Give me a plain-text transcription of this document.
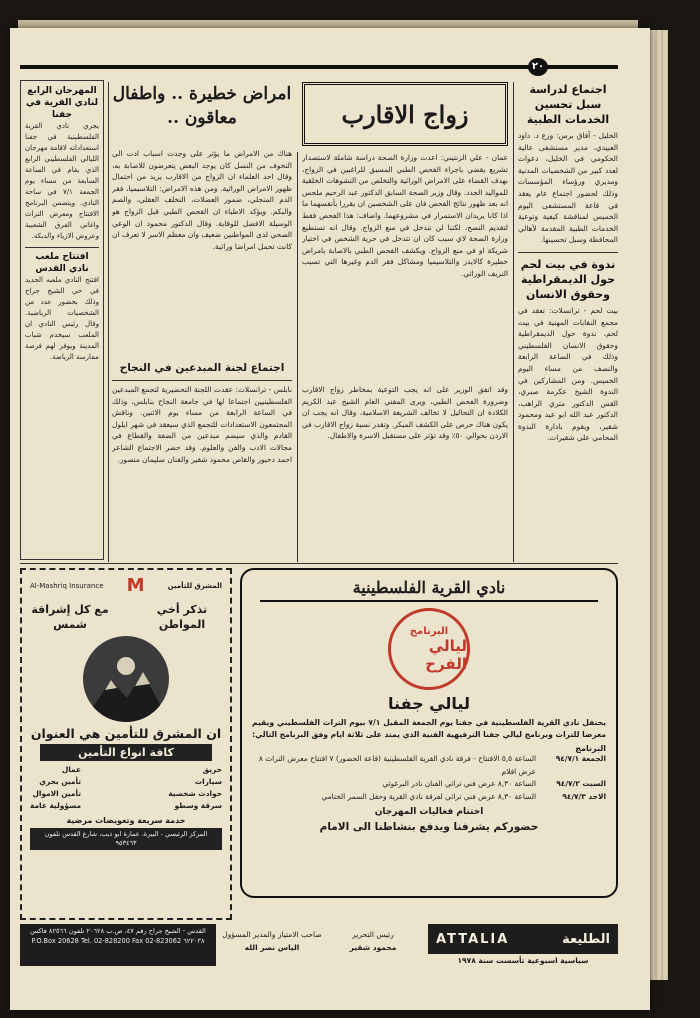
٢٠
اجتماع لدراسة سبل تحسين الخدمات الطبية
الخليل - آفاق برس: وزع د. داود العبيدي، مدير مستشفى عالية الحكومي في الخليل، دعوات لعدد كبير من الشخصيات المدنية ومديري ورؤساء المؤسسات وذلك لحضور اجتماع عام يعقد في قاعة المستشفى اليوم الخميس لمناقشة كيفية وتوعية الخدمات الطبية المقدمة لأهالي المحافظة وسبل تحسينها.
ندوة في بيت لحم حول الديمقراطية وحقوق الانسان
بيت لحم - ترانسلات: تعقد في مجمع النقابات المهنية في بيت لحم، ندوة حول الديمقراطية وحقوق الانسان الفلسطيني وذلك في الساعة الرابعة والنصف من مساء اليوم الخميس. ومن المشاركين في الندوة الشيخ عكرمة صبري، القس الدكتور متري الراهب، الدكتور عبد الله ابو عيد ومحمود شقير، ويقوم بادارة الندوة المحامي علي شقيرات.
زواج الاقارب
عمان - علي الزنتيني: اعدت وزارة الصحة دراسة شاملة لاستصدار تشريع يقضي باجراء الفحص الطبي المسبق للراغبين في الزواج، بهدف القضاء على الامراض الوراثية والتخلص من التشوهات الخلقية للمواليد الجدد. وقال وزير الصحة السابق الدكتور عبد الرحيم ملحس انه بعد ظهور نتائج الفحص فان على الشخصين ان يقررا بأنفسهما ما اذا كانا يريدان الاستمرار في مشروعهما. واضاف: هذا الفحص فقط لتقديم النصح، لكننا لن نتدخل في منع الزواج. وقال انه تستطيع وزارة الصحة لاي سبب كان ان تتدخل في حرية الشخص في اختيار شريكة او في منع الزواج. ويكشف الفحص الطبي بالاصابة بامراض خطيرة كالايدز والتلاسيميا ومشاكل فقر الدم وغيرها التي تسبب النزيف الوراثي.
وقد اتفق الوزير على انه يجب التوعية بمخاطر زواج الاقارب وضرورة الفحص الطبي، ويرى المفتي العام الشيخ عبد الكريم الكلادة ان التحاليل لا تخالف الشريعة الاسلامية، وقال انه يجب ان يكون هناك حرص على الكشف المبكر. وتقدر نسبة زواج الاقارب في الاردن بحوالي ٥٠٪ وقد تؤثر على مستقبل الاسرة والاطفال.
امراض خطيرة .. واطفال معاقون ..
هناك من الامراض ما يؤثر على وجدت اسباب ادت الى التخوف من النسل كان يوجد البعض يتعرضون للاصابة به، وقال احد العلماء ان الزواج من الاقارب يزيد من احتمال ظهور الامراض الوراثية. ومن هذه الامراض: التلاسيميا، فقر الدم المنجلي، ضمور العضلات، التخلف العقلي، والصم والبكم. ويؤكد الاطباء ان الفحص الطبي قبل الزواج هو الوسيلة الافضل للوقاية. وقال الدكتور محمود ان الوعي الصحي لدى المواطنين ضعيف وان معظم الاسر لا تعرف ان كانت تحمل امراضا وراثية.
اجتماع لجنة المبدعين في النجاح
نابلس - ترانسلات: عقدت اللجنة التحضيرية لتجمع المبدعين الفلسطينيين اجتماعا لها في جامعة النجاح بنابلس، وذلك في الساعة الرابعة من مساء يوم الاثنين. وناقش المجتمعون الاستعدادات للتجمع الذي سيعقد في شهر ايلول القادم والذي سيضم مبدعين من الضفة والقطاع في مجالات الادب والفن والعلوم. وقد حضر الاجتماع الشاعر احمد دحبور والقاص محمود شقير والفنان سليمان منصور.
المهرجان الرابع لنادي القرية في جفنا
يجري نادي القرية الفلسطينية في جفنا استعداداته لاقامة مهرجان الليالي الفلسطيني الرابع الذي يقام في الساعة السابعة من مساء يوم الجمعة ٧/١ في ساحة النادي. ويتضمن البرنامج الافتتاح ومعرض التراث واغاني الفرق الشعبية وعروض الازياء والدبكة.
افتتاح ملعب نادي القدس
افتتح النادي ملعبه الجديد في حي الشيخ جراح وذلك بحضور عدد من الشخصيات الرياضية. وقال رئيس النادي ان الملعب سيخدم شباب المدينة ويوفر لهم فرصة ممارسة الرياضة.
نادي القرية الفلسطينية
البرنامج
ليالي الفرح
ليالي جفنا
يحتفل نادي القرية الفلسطينية في جفنا يوم الجمعة المقبل ٧/١ بيوم التراث الفلسطيني ويقيم معرضا للتراث وبرنامج ليالي جفنا الترفيهية الفنية الذي يمتد على ثلاثة ايام وفق البرنامج التالي:
البرنامج
الجمعة ٩٤/٧/١
الساعة ٥,٥ الافتتاح - فرقة نادي القرية الفلسطينية (قاعة الحضور) ٧ افتتاح معرض التراث ٨ عرض افلام
السبت ٩٤/٧/٢
الساعة ٨,٣٠ عرض فني تراثي الفنان نادر البرغوثي
الاحد ٩٤/٧/٣
الساعة ٨,٣٠ عرض فني تراثي لفرقة نادي القرية وحفل السمر الختامي
اختتام فعاليات المهرجان
حضوركم يشرفنا ويدفع بنشاطنا الى الامام
المشرق للتأمين
M
Al-Mashriq Insurance
تذكر أخي المواطن
مع كل إشراقة شمس
ان المشرق للتأمين هي العنوان
كافة انواع التأمين
حريق
سيارات
حوادث شخصية
سرقة وسطو
عمال
تأمين بحري
تأمين الاموال
مسؤولية عامة
خدمة سريعة وتعويضات مرضية
المركز الرئيسي - البيرة، عمارة ابو ذيب، شارع القدس تلفون ٩٥٣٤٦٣
ATTALIA	الطليعة
سياسية اسبوعية تأسست سنة ١٩٧٨
رئيس التحرير
محمود شقير
صاحب الامتياز والمدير المسؤول
الياس نصر الله
القدس - الشيخ جراح رقم ٤٧، ص.ب ٢٠٦٢٨ تلفون ٨٢٥٦٦ فاكس ٦٢٢٠٣٨ P.O.Box 20628 Tel. 02-828200 Fax 02-823062
